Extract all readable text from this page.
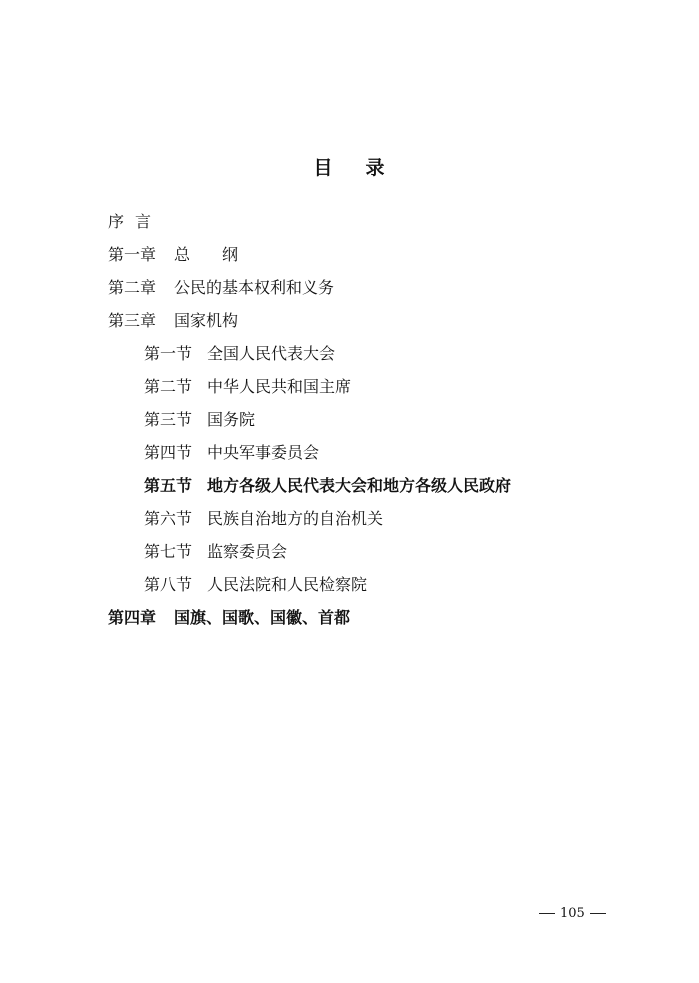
目 录
序言
第一章 总 纲
第二章 公民的基本权利和义务
第三章 国家机构
第一节 全国人民代表大会
第二节 中华人民共和国主席
第三节 国务院
第四节 中央军事委员会
第五节 地方各级人民代表大会和地方各级人民政府
第六节 民族自治地方的自治机关
第七节 监察委员会
第八节 人民法院和人民检察院
第四章 国旗、国歌、国徽、首都
105
